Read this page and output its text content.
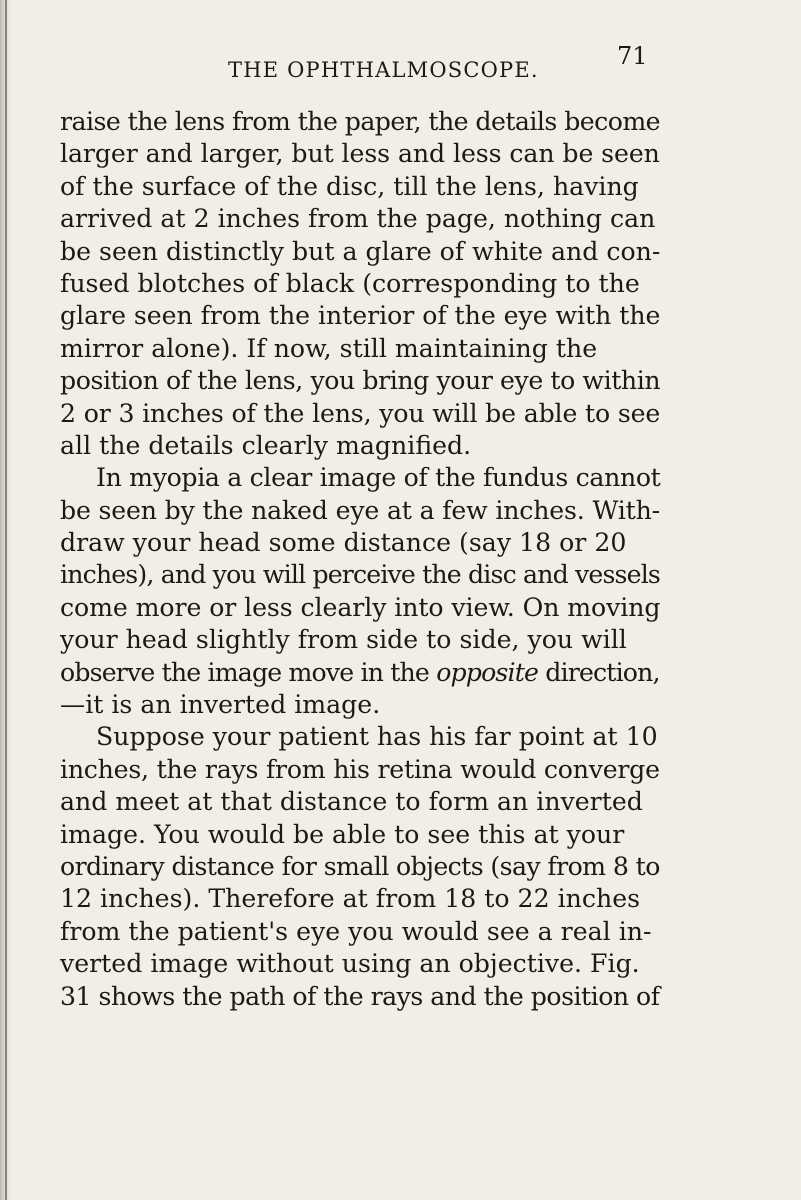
THE OPHTHALMOSCOPE.	71
raise the lens from the paper, the details become
larger and larger, but less and less can be seen
of the surface of the disc, till the lens, having
arrived at 2 inches from the page, nothing can
be seen distinctly but a glare of white and con-
fused blotches of black (corresponding to the
glare seen from the interior of the eye with the
mirror alone). If now, still maintaining the
position of the lens, you bring your eye to within
2 or 3 inches of the lens, you will be able to see
all the details clearly magnified.
In myopia a clear image of the fundus cannot
be seen by the naked eye at a few inches. With-
draw your head some distance (say 18 or 20
inches), and you will perceive the disc and vessels
come more or less clearly into view. On moving
your head slightly from side to side, you will
observe the image move in the opposite direction,
—it is an inverted image.
Suppose your patient has his far point at 10
inches, the rays from his retina would converge
and meet at that distance to form an inverted
image. You would be able to see this at your
ordinary distance for small objects (say from 8 to
12 inches). Therefore at from 18 to 22 inches
from the patient's eye you would see a real in-
verted image without using an objective. Fig.
31 shows the path of the rays and the position of
